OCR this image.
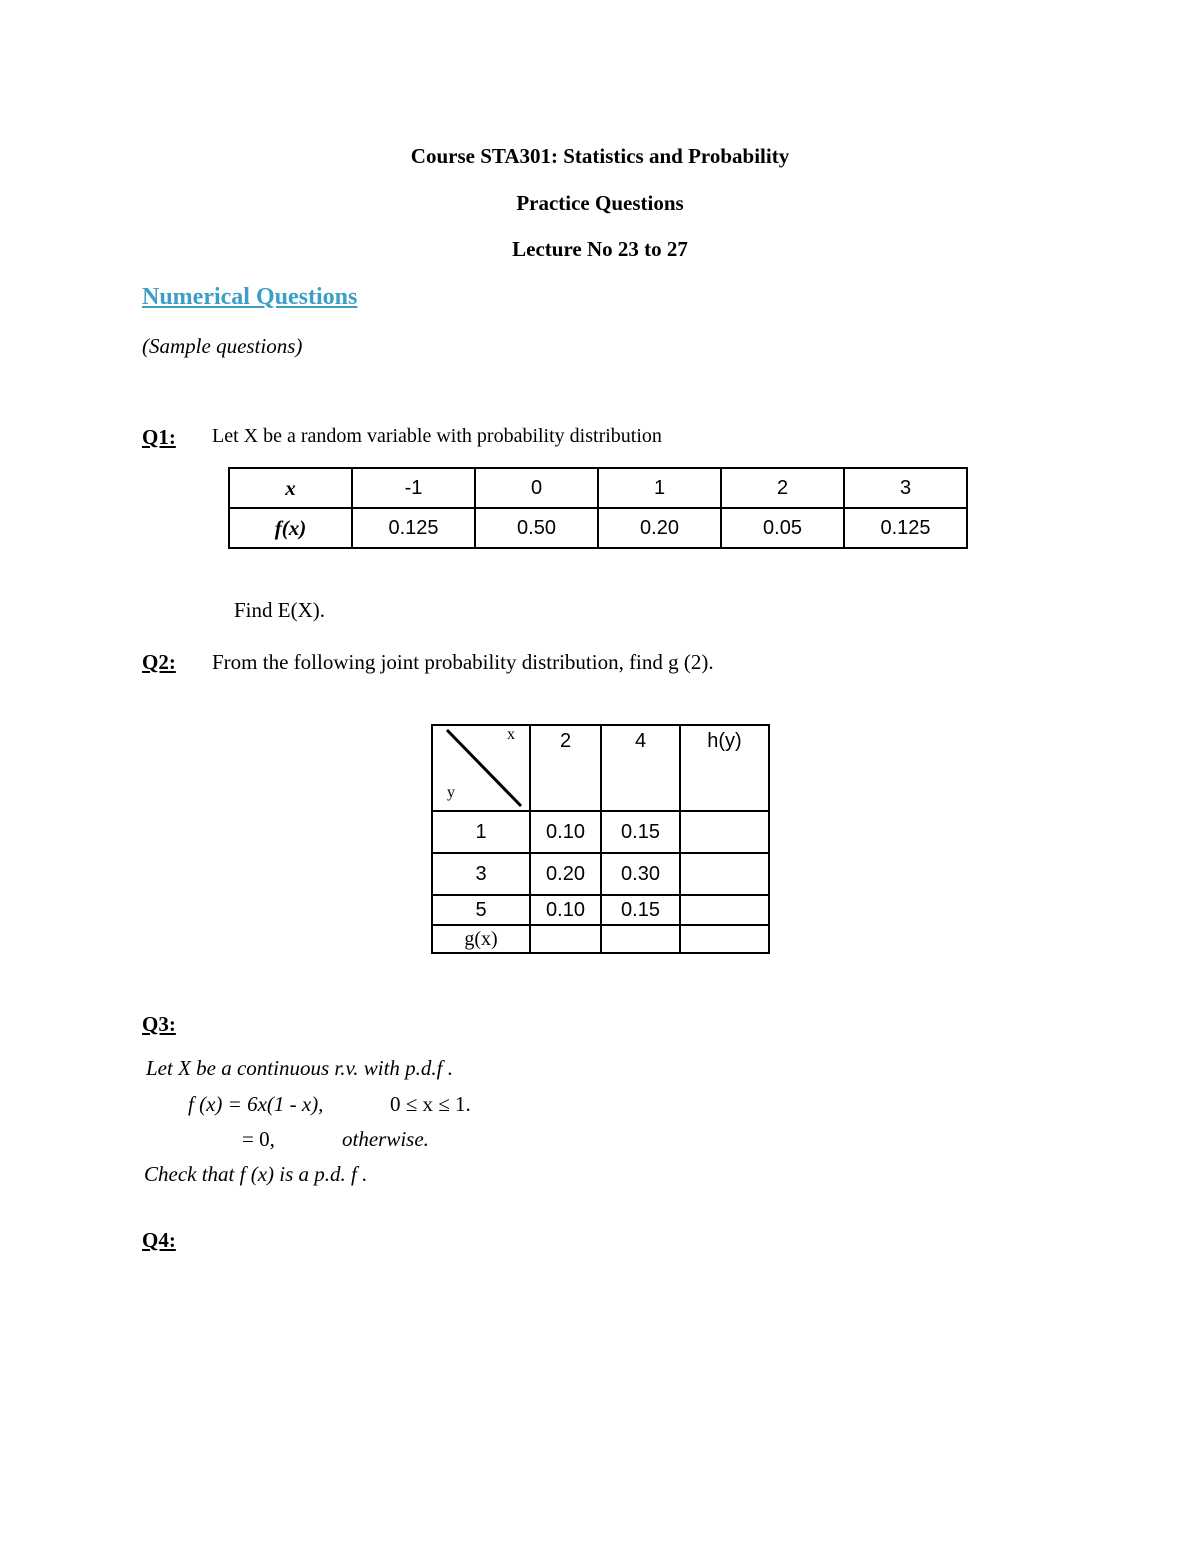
Course STA301: Statistics and Probability
Practice Questions
Lecture No 23 to 27
Numerical Questions
(Sample questions)
Q1: Let X be a random variable with probability distribution
x	-1	0	1	2	3
f(x)	0.125	0.50	0.20	0.05	0.125
Find E(X).
Q2: From the following joint probability distribution, find g (2).
x
y	2	4	h(y)
1	0.10	0.15	
3	0.20	0.30	
5	0.10	0.15	
g(x)			
Q3:
Let X be a continuous r.v. with p.d.f .
f (x) = 6x(1 - x),	0 ≤ x ≤ 1.
= 0,	otherwise.
Check that f (x) is a p.d. f .
Q4:
